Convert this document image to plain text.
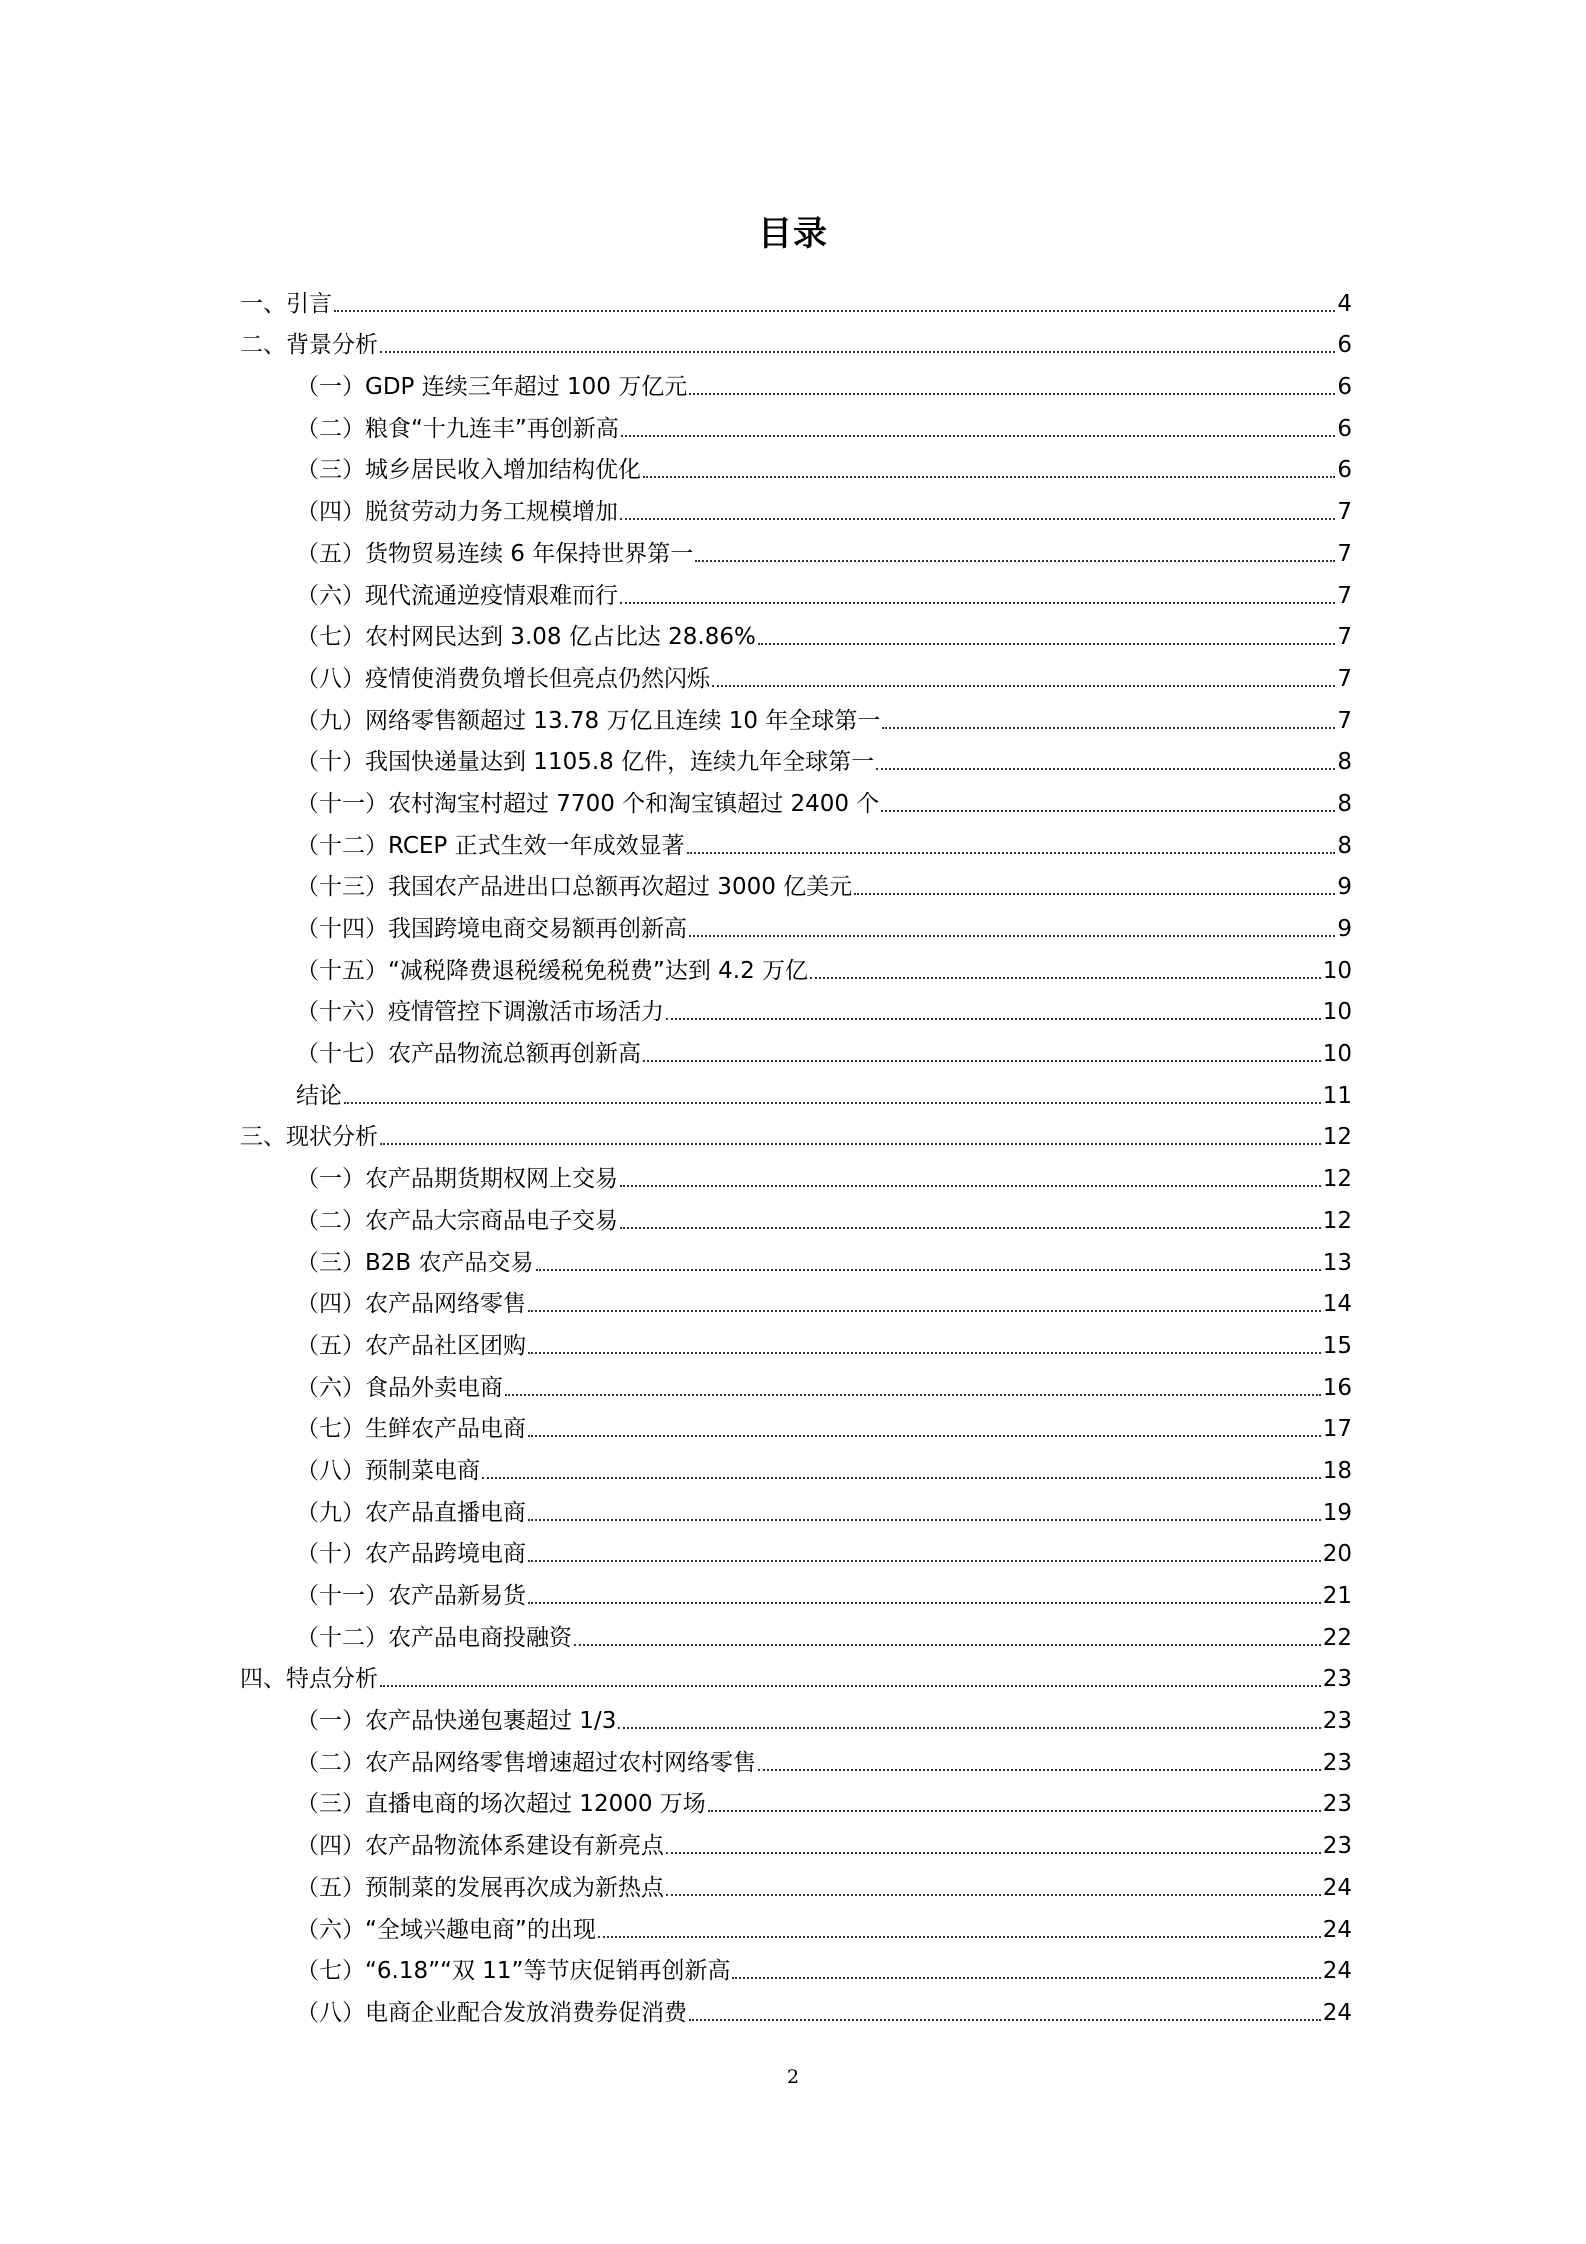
目录
一、引言	4
二、背景分析	6
（一）GDP 连续三年超过 100 万亿元	6
（二）粮食“十九连丰”再创新高	6
（三）城乡居民收入增加结构优化	6
（四）脱贫劳动力务工规模增加	7
（五）货物贸易连续 6 年保持世界第一	7
（六）现代流通逆疫情艰难而行	7
（七）农村网民达到 3.08 亿占比达 28.86%	7
（八）疫情使消费负增长但亮点仍然闪烁	7
（九）网络零售额超过 13.78 万亿且连续 10 年全球第一	7
（十）我国快递量达到 1105.8 亿件，连续九年全球第一	8
（十一）农村淘宝村超过 7700 个和淘宝镇超过 2400 个	8
（十二）RCEP 正式生效一年成效显著	8
（十三）我国农产品进出口总额再次超过 3000 亿美元	9
（十四）我国跨境电商交易额再创新高	9
（十五）“减税降费退税缓税免税费”达到 4.2 万亿	10
（十六）疫情管控下调激活市场活力	10
（十七）农产品物流总额再创新高	10
结论	11
三、现状分析	12
（一）农产品期货期权网上交易	12
（二）农产品大宗商品电子交易	12
（三）B2B 农产品交易	13
（四）农产品网络零售	14
（五）农产品社区团购	15
（六）食品外卖电商	16
（七）生鲜农产品电商	17
（八）预制菜电商	18
（九）农产品直播电商	19
（十）农产品跨境电商	20
（十一）农产品新易货	21
（十二）农产品电商投融资	22
四、特点分析	23
（一）农产品快递包裹超过 1/3	23
（二）农产品网络零售增速超过农村网络零售	23
（三）直播电商的场次超过 12000 万场	23
（四）农产品物流体系建设有新亮点	23
（五）预制菜的发展再次成为新热点	24
（六）“全域兴趣电商”的出现	24
（七）“6.18”“双 11”等节庆促销再创新高	24
（八）电商企业配合发放消费券促消费	24
2
